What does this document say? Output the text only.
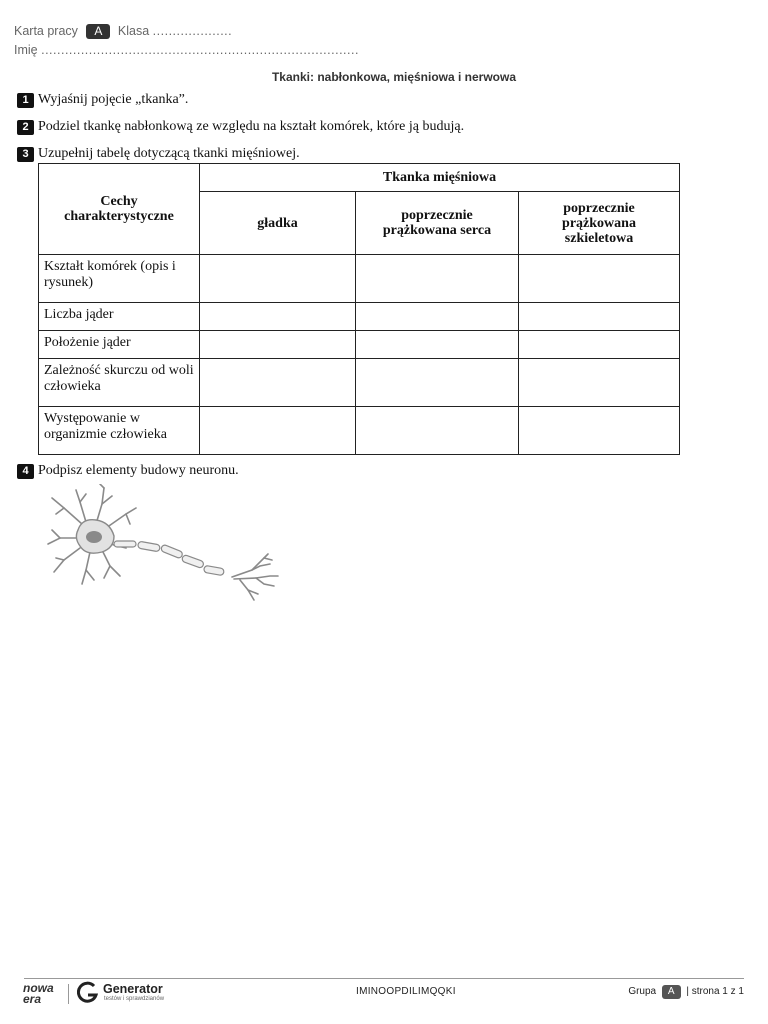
Karta pracy A Klasa ....................
Imię ................................................................................
Tkanki: nabłonkowa, mięśniowa i nerwowa
1 Wyjaśnij pojęcie „tkanka”.
2 Podziel tkankę nabłonkową ze względu na kształt komórek, które ją budują.
3 Uzupełnij tabelę dotyczącą tkanki mięśniowej.
Cechy charakterystyczne	Tkanka mięśniowa		
	gładka	poprzecznie prążkowana serca	poprzecznie prążkowana szkieletowa
Kształt komórek (opis i rysunek)			
Liczba jąder			
Położenie jąder			
Zależność skurczu od woli człowieka			
Występowanie w organizmie człowieka			
4 Podpisz elementy budowy neuronu.
nowa
era
Generator
testów i sprawdzianów
IMINOOPDILIMQQKI	Grupa A | strona 1 z 1
